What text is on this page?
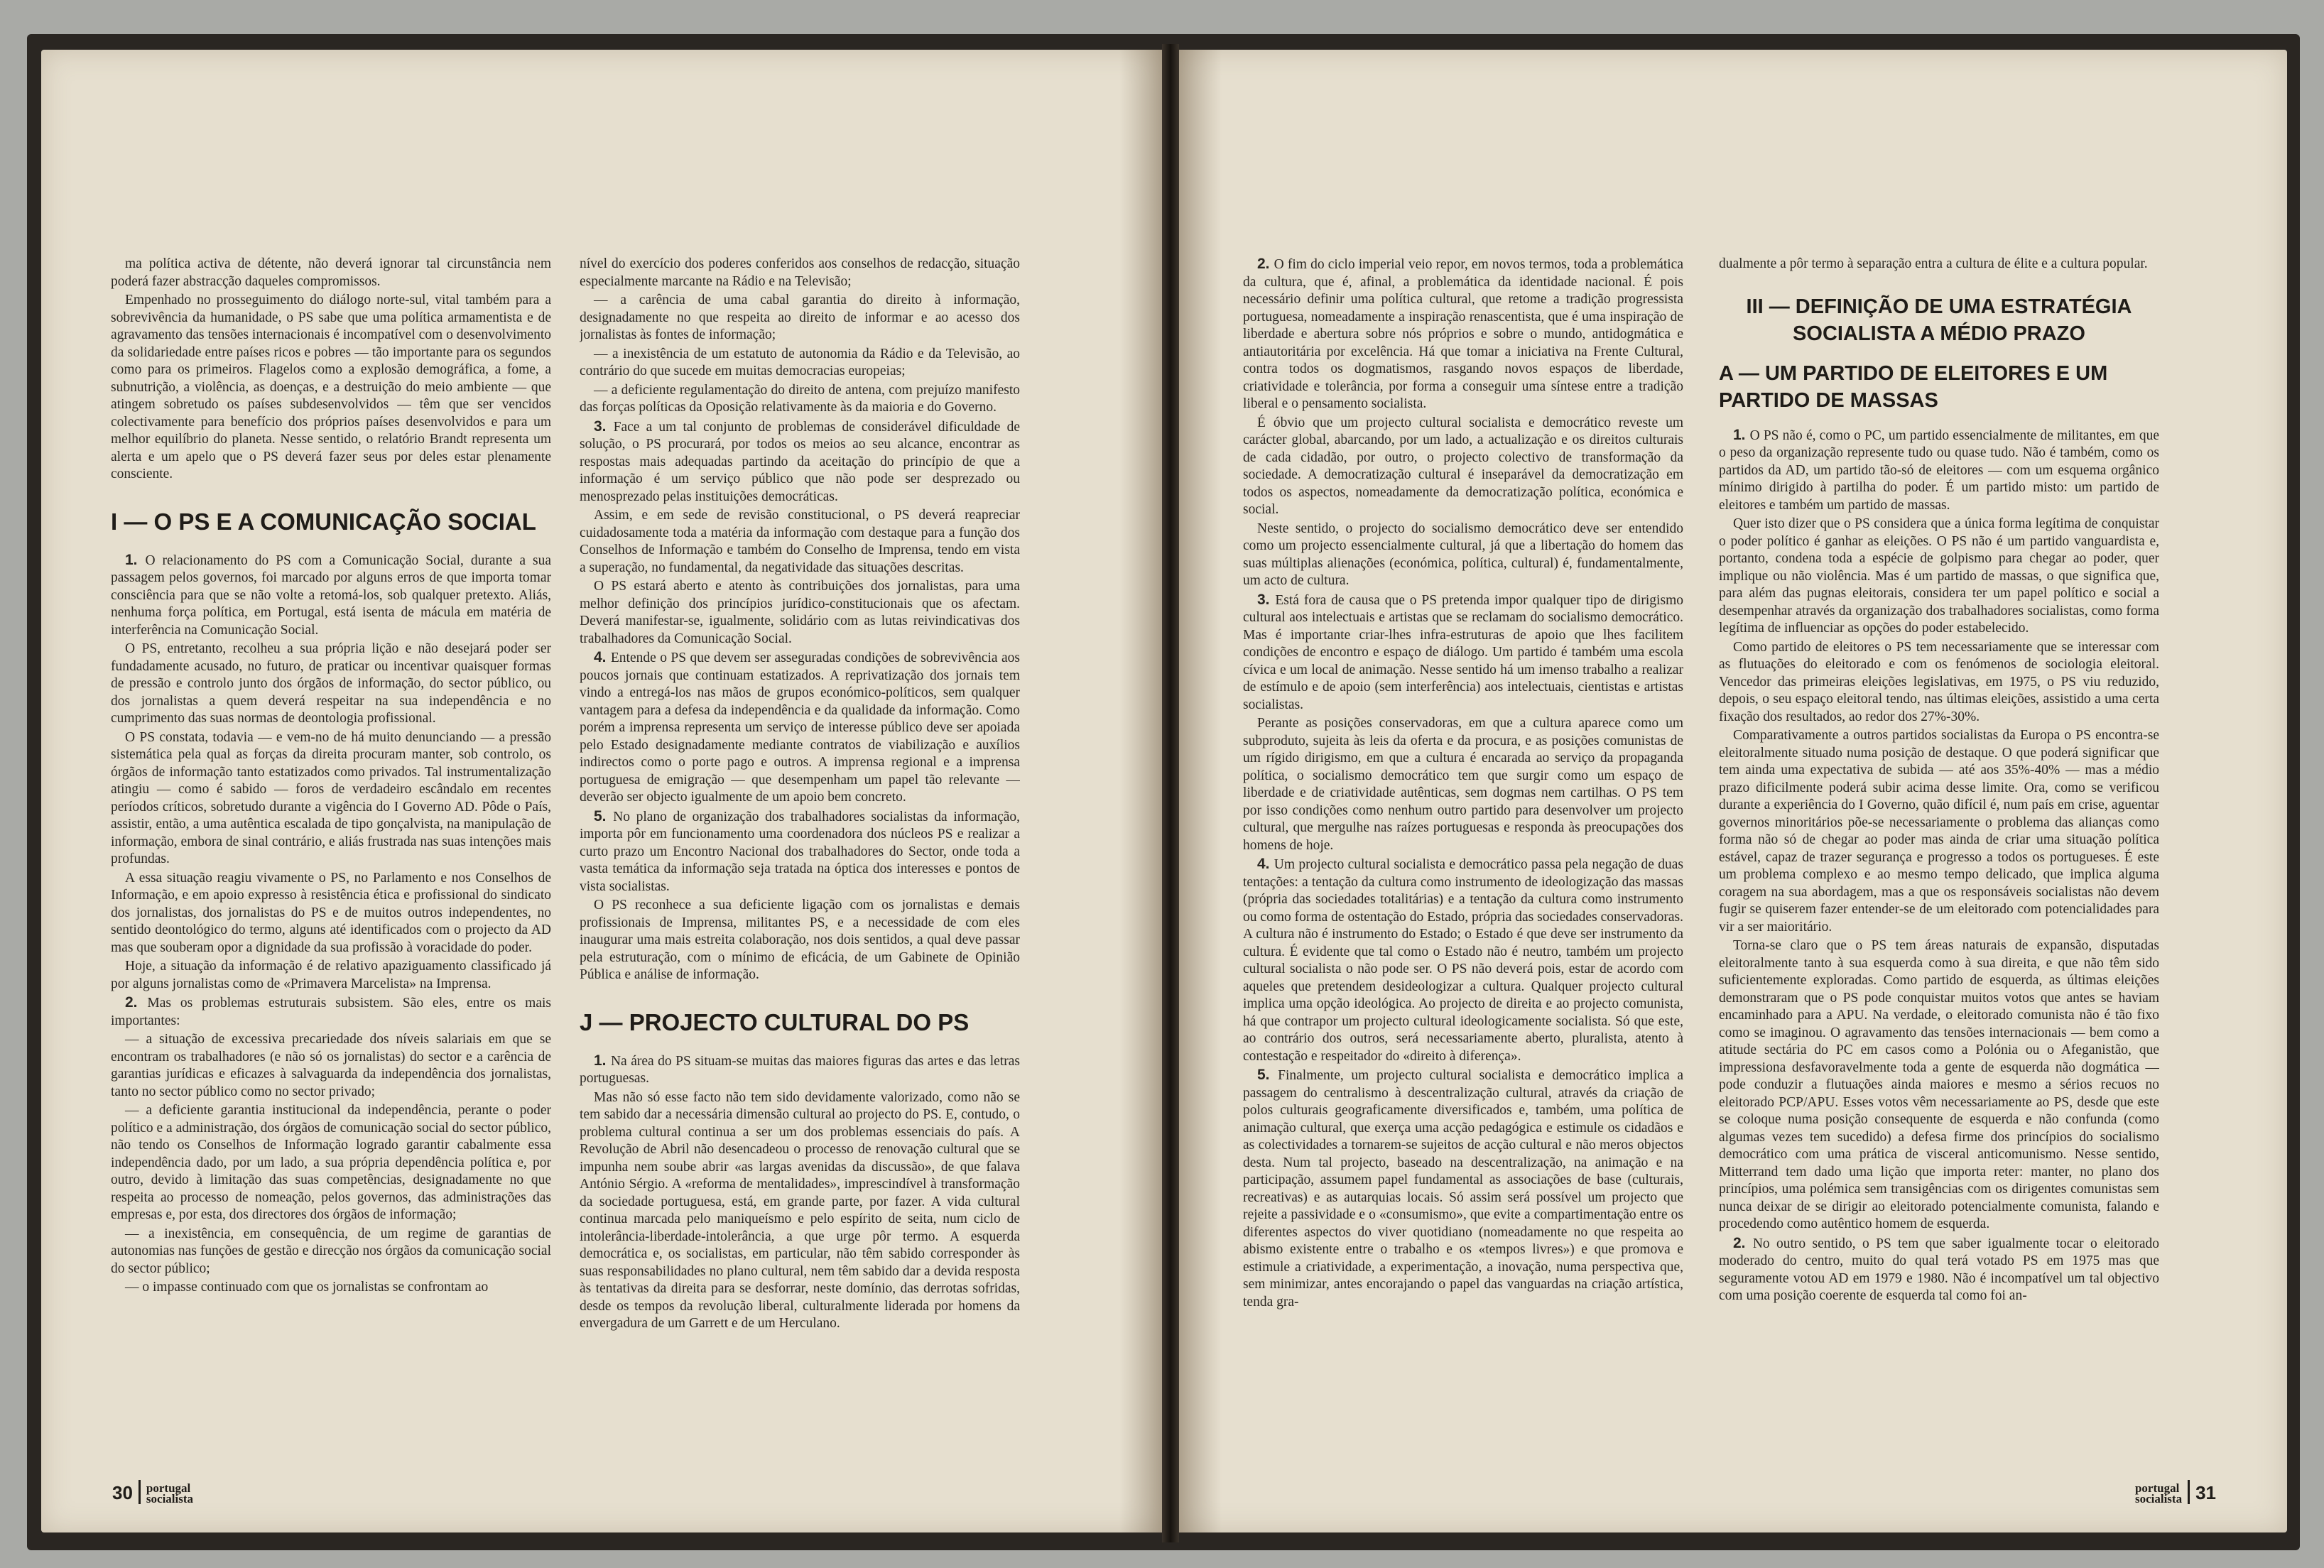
ma política activa de détente, não deverá ignorar tal circunstância nem poderá fazer abstracção daqueles compromissos.

Empenhado no prosseguimento do diálogo norte-sul, vital também para a sobrevivência da humanidade, o PS sabe que uma política armamentista e de agravamento das tensões internacionais é incompatível com o desenvolvimento da solidariedade entre países ricos e pobres — tão importante para os segundos como para os primeiros. Flagelos como a explosão demográfica, a fome, a subnutrição, a violência, as doenças, e a destruição do meio ambiente — que atingem sobretudo os países subdesenvolvidos — têm que ser vencidos colectivamente para benefício dos próprios países desenvolvidos e para um melhor equilíbrio do planeta. Nesse sentido, o relatório Brandt representa um alerta e um apelo que o PS deverá fazer seus por deles estar plenamente consciente.

I — O PS E A COMUNICAÇÃO SOCIAL

1. O relacionamento do PS com a Comunicação Social, durante a sua passagem pelos governos, foi marcado por alguns erros de que importa tomar consciência para que se não volte a retomá-los, sob qualquer pretexto. Aliás, nenhuma força política, em Portugal, está isenta de mácula em matéria de interferência na Comunicação Social.

O PS, entretanto, recolheu a sua própria lição e não desejará poder ser fundadamente acusado, no futuro, de praticar ou incentivar quaisquer formas de pressão e controlo junto dos órgãos de informação, do sector público, ou dos jornalistas a quem deverá respeitar na sua independência e no cumprimento das suas normas de deontologia profissional.

O PS constata, todavia — e vem-no de há muito denunciando — a pressão sistemática pela qual as forças da direita procuram manter, sob controlo, os órgãos de informação tanto estatizados como privados. Tal instrumentalização atingiu — como é sabido — foros de verdadeiro escândalo em recentes períodos críticos, sobretudo durante a vigência do I Governo AD. Pôde o País, assistir, então, a uma autêntica escalada de tipo gonçalvista, na manipulação de informação, embora de sinal contrário, e aliás frustrada nas suas intenções mais profundas.

A essa situação reagiu vivamente o PS, no Parlamento e nos Conselhos de Informação, e em apoio expresso à resistência ética e profissional do sindicato dos jornalistas, dos jornalistas do PS e de muitos outros independentes, no sentido deontológico do termo, alguns até identificados com o projecto da AD mas que souberam opor a dignidade da sua profissão à voracidade do poder.

Hoje, a situação da informação é de relativo apaziguamento classificado já por alguns jornalistas como de «Primavera Marcelista» na Imprensa.

2. Mas os problemas estruturais subsistem. São eles, entre os mais importantes:

— a situação de excessiva precariedade dos níveis salariais em que se encontram os trabalhadores (e não só os jornalistas) do sector e a carência de garantias jurídicas e eficazes à salvaguarda da independência dos jornalistas, tanto no sector público como no sector privado;

— a deficiente garantia institucional da independência, perante o poder político e a administração, dos órgãos de comunicação social do sector público, não tendo os Conselhos de Informação logrado garantir cabalmente essa independência dado, por um lado, a sua própria dependência política e, por outro, devido à limitação das suas competências, designadamente no que respeita ao processo de nomeação, pelos governos, das administrações das empresas e, por esta, dos directores dos órgãos de informação;

— a inexistência, em consequência, de um regime de garantias de autonomias nas funções de gestão e direcção nos órgãos da comunicação social do sector público;

— o impasse continuado com que os jornalistas se confrontam ao

nível do exercício dos poderes conferidos aos conselhos de redacção, situação especialmente marcante na Rádio e na Televisão;

— a carência de uma cabal garantia do direito à informação, designadamente no que respeita ao direito de informar e ao acesso dos jornalistas às fontes de informação;

— a inexistência de um estatuto de autonomia da Rádio e da Televisão, ao contrário do que sucede em muitas democracias europeias;

— a deficiente regulamentação do direito de antena, com prejuízo manifesto das forças políticas da Oposição relativamente às da maioria e do Governo.

3. Face a um tal conjunto de problemas de considerável dificuldade de solução, o PS procurará, por todos os meios ao seu alcance, encontrar as respostas mais adequadas partindo da aceitação do princípio de que a informação é um serviço público que não pode ser desprezado ou menosprezado pelas instituições democráticas.

Assim, e em sede de revisão constitucional, o PS deverá reapreciar cuidadosamente toda a matéria da informação com destaque para a função dos Conselhos de Informação e também do Conselho de Imprensa, tendo em vista a superação, no fundamental, da negatividade das situações descritas.

O PS estará aberto e atento às contribuições dos jornalistas, para uma melhor definição dos princípios jurídico-constitucionais que os afectam. Deverá manifestar-se, igualmente, solidário com as lutas reivindicativas dos trabalhadores da Comunicação Social.

4. Entende o PS que devem ser asseguradas condições de sobrevivência aos poucos jornais que continuam estatizados. A reprivatização dos jornais tem vindo a entregá-los nas mãos de grupos económico-políticos, sem qualquer vantagem para a defesa da independência e da qualidade da informação. Como porém a imprensa representa um serviço de interesse público deve ser apoiada pelo Estado designadamente mediante contratos de viabilização e auxílios indirectos como o porte pago e outros. A imprensa regional e a imprensa portuguesa de emigração — que desempenham um papel tão relevante — deverão ser objecto igualmente de um apoio bem concreto.

5. No plano de organização dos trabalhadores socialistas da informação, importa pôr em funcionamento uma coordenadora dos núcleos PS e realizar a curto prazo um Encontro Nacional dos trabalhadores do Sector, onde toda a vasta temática da informação seja tratada na óptica dos interesses e pontos de vista socialistas.

O PS reconhece a sua deficiente ligação com os jornalistas e demais profissionais de Imprensa, militantes PS, e a necessidade de com eles inaugurar uma mais estreita colaboração, nos dois sentidos, a qual deve passar pela estruturação, com o mínimo de eficácia, de um Gabinete de Opinião Pública e análise de informação.

J — PROJECTO CULTURAL DO PS

1. Na área do PS situam-se muitas das maiores figuras das artes e das letras portuguesas.

Mas não só esse facto não tem sido devidamente valorizado, como não se tem sabido dar a necessária dimensão cultural ao projecto do PS. E, contudo, o problema cultural continua a ser um dos problemas essenciais do país. A Revolução de Abril não desencadeou o processo de renovação cultural que se impunha nem soube abrir «as largas avenidas da discussão», de que falava António Sérgio. A «reforma de mentalidades», imprescindível à transformação da sociedade portuguesa, está, em grande parte, por fazer. A vida cultural continua marcada pelo maniqueísmo e pelo espírito de seita, num ciclo de intolerância-liberdade-intolerância, a que urge pôr termo. A esquerda democrática e, os socialistas, em particular, não têm sabido corresponder às suas responsabilidades no plano cultural, nem têm sabido dar a devida resposta às tentativas da direita para se desforrar, neste domínio, das derrotas sofridas, desde os tempos da revolução liberal, culturalmente liderada por homens da envergadura de um Garrett e de um Herculano.

30 portugal
socialista

2. O fim do ciclo imperial veio repor, em novos termos, toda a problemática da cultura, que é, afinal, a problemática da identidade nacional. É pois necessário definir uma política cultural, que retome a tradição progressista portuguesa, nomeadamente a inspiração renascentista, que é uma inspiração de liberdade e abertura sobre nós próprios e sobre o mundo, antidogmática e antiautoritária por excelência. Há que tomar a iniciativa na Frente Cultural, contra todos os dogmatismos, rasgando novos espaços de liberdade, criatividade e tolerância, por forma a conseguir uma síntese entre a tradição liberal e o pensamento socialista.

É óbvio que um projecto cultural socialista e democrático reveste um carácter global, abarcando, por um lado, a actualização e os direitos culturais de cada cidadão, por outro, o projecto colectivo de transformação da sociedade. A democratização cultural é inseparável da democratização em todos os aspectos, nomeadamente da democratização política, económica e social.

Neste sentido, o projecto do socialismo democrático deve ser entendido como um projecto essencialmente cultural, já que a libertação do homem das suas múltiplas alienações (económica, política, cultural) é, fundamentalmente, um acto de cultura.

3. Está fora de causa que o PS pretenda impor qualquer tipo de dirigismo cultural aos intelectuais e artistas que se reclamam do socialismo democrático. Mas é importante criar-lhes infra-estruturas de apoio que lhes facilitem condições de encontro e espaço de diálogo. Um partido é também uma escola cívica e um local de animação. Nesse sentido há um imenso trabalho a realizar de estímulo e de apoio (sem interferência) aos intelectuais, cientistas e artistas socialistas.

Perante as posições conservadoras, em que a cultura aparece como um subproduto, sujeita às leis da oferta e da procura, e as posições comunistas de um rígido dirigismo, em que a cultura é encarada ao serviço da propaganda política, o socialismo democrático tem que surgir como um espaço de liberdade e de criatividade autênticas, sem dogmas nem cartilhas. O PS tem por isso condições como nenhum outro partido para desenvolver um projecto cultural, que mergulhe nas raízes portuguesas e responda às preocupações dos homens de hoje.

4. Um projecto cultural socialista e democrático passa pela negação de duas tentações: a tentação da cultura como instrumento de ideologização das massas (própria das sociedades totalitárias) e a tentação da cultura como instrumento ou como forma de ostentação do Estado, própria das sociedades conservadoras. A cultura não é instrumento do Estado; o Estado é que deve ser instrumento da cultura. É evidente que tal como o Estado não é neutro, também um projecto cultural socialista o não pode ser. O PS não deverá pois, estar de acordo com aqueles que pretendem desideologizar a cultura. Qualquer projecto cultural implica uma opção ideológica. Ao projecto de direita e ao projecto comunista, há que contrapor um projecto cultural ideologicamente socialista. Só que este, ao contrário dos outros, será necessariamente aberto, pluralista, atento à contestação e respeitador do «direito à diferença».

5. Finalmente, um projecto cultural socialista e democrático implica a passagem do centralismo à descentralização cultural, através da criação de polos culturais geograficamente diversificados e, também, uma política de animação cultural, que exerça uma acção pedagógica e estimule os cidadãos e as colectividades a tornarem-se sujeitos de acção cultural e não meros objectos desta. Num tal projecto, baseado na descentralização, na animação e na participação, assumem papel fundamental as associações de base (culturais, recreativas) e as autarquias locais. Só assim será possível um projecto que rejeite a passividade e o «consumismo», que evite a compartimentação entre os diferentes aspectos do viver quotidiano (nomeadamente no que respeita ao abismo existente entre o trabalho e os «tempos livres») e que promova e estimule a criatividade, a experimentação, a inovação, numa perspectiva que, sem minimizar, antes encorajando o papel das vanguardas na criação artística, tenda gra-

dualmente a pôr termo à separação entra a cultura de élite e a cultura popular.

III — DEFINIÇÃO DE UMA ESTRATÉGIA SOCIALISTA A MÉDIO PRAZO
A — UM PARTIDO DE ELEITORES E UM PARTIDO DE MASSAS

1. O PS não é, como o PC, um partido essencialmente de militantes, em que o peso da organização represente tudo ou quase tudo. Não é também, como os partidos da AD, um partido tão-só de eleitores — com um esquema orgânico mínimo dirigido à partilha do poder. É um partido misto: um partido de eleitores e também um partido de massas.

Quer isto dizer que o PS considera que a única forma legítima de conquistar o poder político é ganhar as eleições. O PS não é um partido vanguardista e, portanto, condena toda a espécie de golpismo para chegar ao poder, quer implique ou não violência. Mas é um partido de massas, o que significa que, para além das pugnas eleitorais, considera ter um papel político e social a desempenhar através da organização dos trabalhadores socialistas, como forma legítima de influenciar as opções do poder estabelecido.

Como partido de eleitores o PS tem necessariamente que se interessar com as flutuações do eleitorado e com os fenómenos de sociologia eleitoral. Vencedor das primeiras eleições legislativas, em 1975, o PS viu reduzido, depois, o seu espaço eleitoral tendo, nas últimas eleições, assistido a uma certa fixação dos resultados, ao redor dos 27%-30%.

Comparativamente a outros partidos socialistas da Europa o PS encontra-se eleitoralmente situado numa posição de destaque. O que poderá significar que tem ainda uma expectativa de subida — até aos 35%-40% — mas a médio prazo dificilmente poderá subir acima desse limite. Ora, como se verificou durante a experiência do I Governo, quão difícil é, num país em crise, aguentar governos minoritários põe-se necessariamente o problema das alianças como forma não só de chegar ao poder mas ainda de criar uma situação política estável, capaz de trazer segurança e progresso a todos os portugueses. É este um problema complexo e ao mesmo tempo delicado, que implica alguma coragem na sua abordagem, mas a que os responsáveis socialistas não devem fugir se quiserem fazer entender-se de um eleitorado com potencialidades para vir a ser maioritário.

Torna-se claro que o PS tem áreas naturais de expansão, disputadas eleitoralmente tanto à sua esquerda como à sua direita, e que não têm sido suficientemente exploradas. Como partido de esquerda, as últimas eleições demonstraram que o PS pode conquistar muitos votos que antes se haviam encaminhado para a APU. Na verdade, o eleitorado comunista não é tão fixo como se imaginou. O agravamento das tensões internacionais — bem como a atitude sectária do PC em casos como a Polónia ou o Afeganistão, que impressiona desfavoravelmente toda a gente de esquerda não dogmática — pode conduzir a flutuações ainda maiores e mesmo a sérios recuos no eleitorado PCP/APU. Esses votos vêm necessariamente ao PS, desde que este se coloque numa posição consequente de esquerda e não confunda (como algumas vezes tem sucedido) a defesa firme dos princípios do socialismo democrático com uma prática de visceral anticomunismo. Nesse sentido, Mitterrand tem dado uma lição que importa reter: manter, no plano dos princípios, uma polémica sem transigências com os dirigentes comunistas sem nunca deixar de se dirigir ao eleitorado potencialmente comunista, falando e procedendo como autêntico homem de esquerda.

2. No outro sentido, o PS tem que saber igualmente tocar o eleitorado moderado do centro, muito do qual terá votado PS em 1975 mas que seguramente votou AD em 1979 e 1980. Não é incompatível um tal objectivo com uma posição coerente de esquerda tal como foi an-

portugal
socialista 31
